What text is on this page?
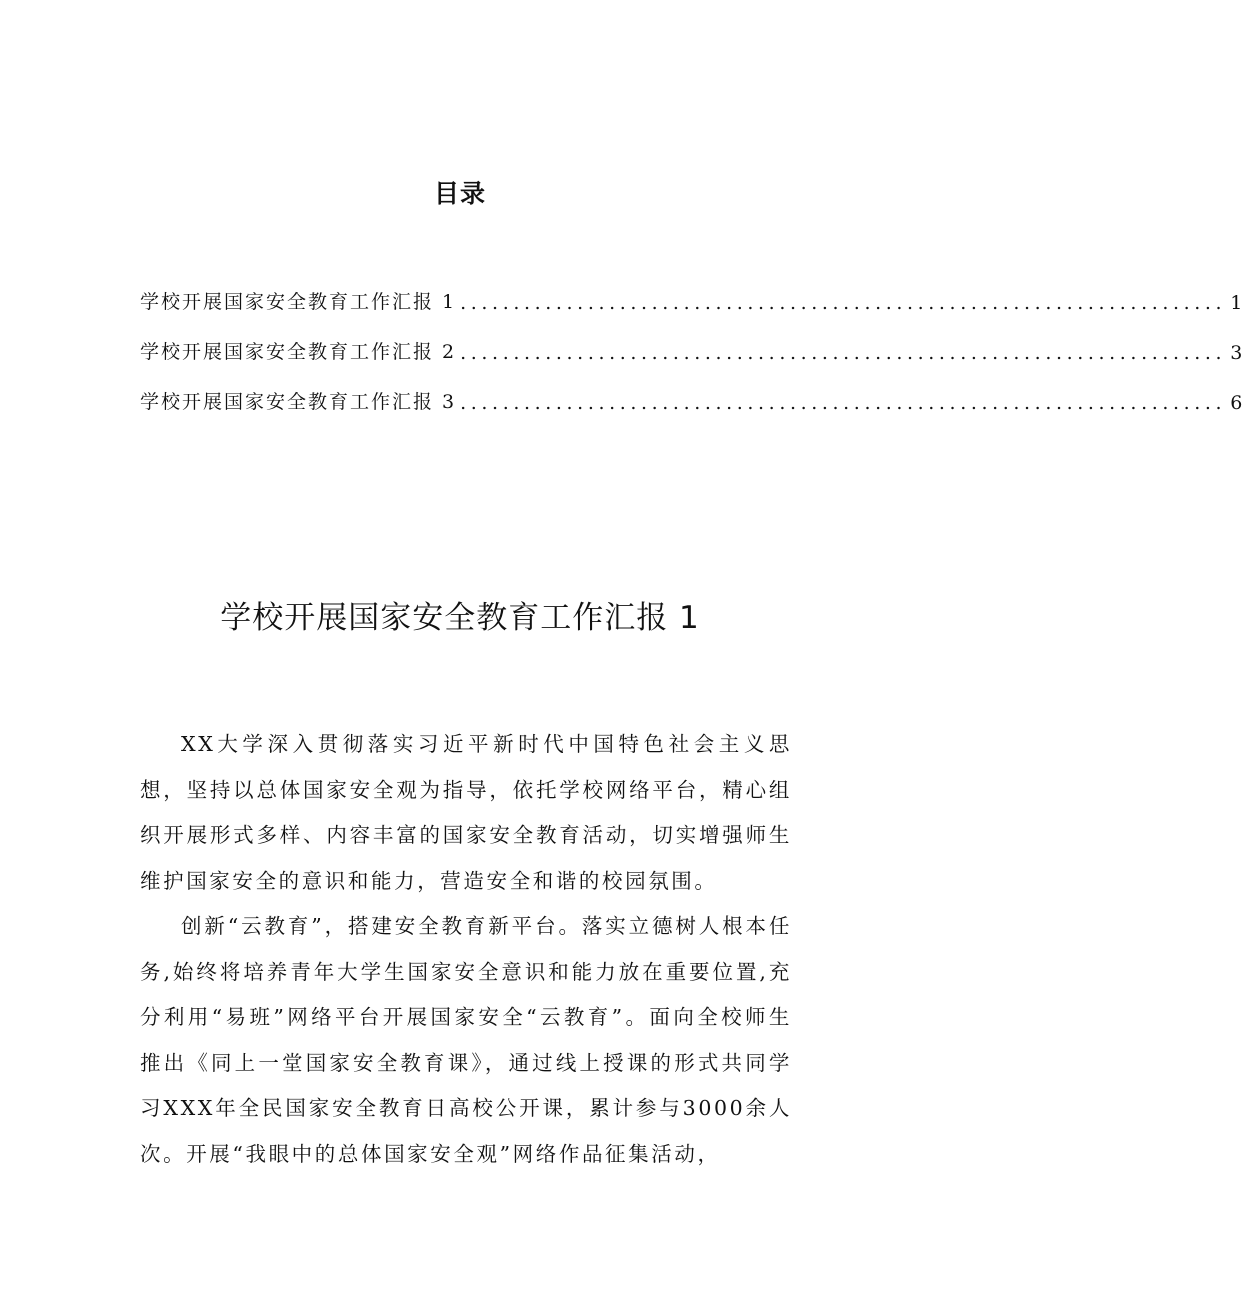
目录
学校开展国家安全教育工作汇报 1 ........................................................................ 1
学校开展国家安全教育工作汇报 2 ........................................................................ 3
学校开展国家安全教育工作汇报 3 ........................................................................ 6
学校开展国家安全教育工作汇报 1

XX大学深入贯彻落实习近平新时代中国特色社会主义思想，坚持以总体国家安全观为指导，依托学校网络平台，精心组织开展形式多样、内容丰富的国家安全教育活动，切实增强师生维护国家安全的意识和能力，营造安全和谐的校园氛围。

创新“云教育”，搭建安全教育新平台。落实立德树人根本任务,始终将培养青年大学生国家安全意识和能力放在重要位置,充分利用“易班”网络平台开展国家安全“云教育”。面向全校师生推出《同上一堂国家安全教育课》，通过线上授课的形式共同学习XXX年全民国家安全教育日高校公开课，累计参与3000余人次。开展“我眼中的总体国家安全观”网络作品征集活动，
